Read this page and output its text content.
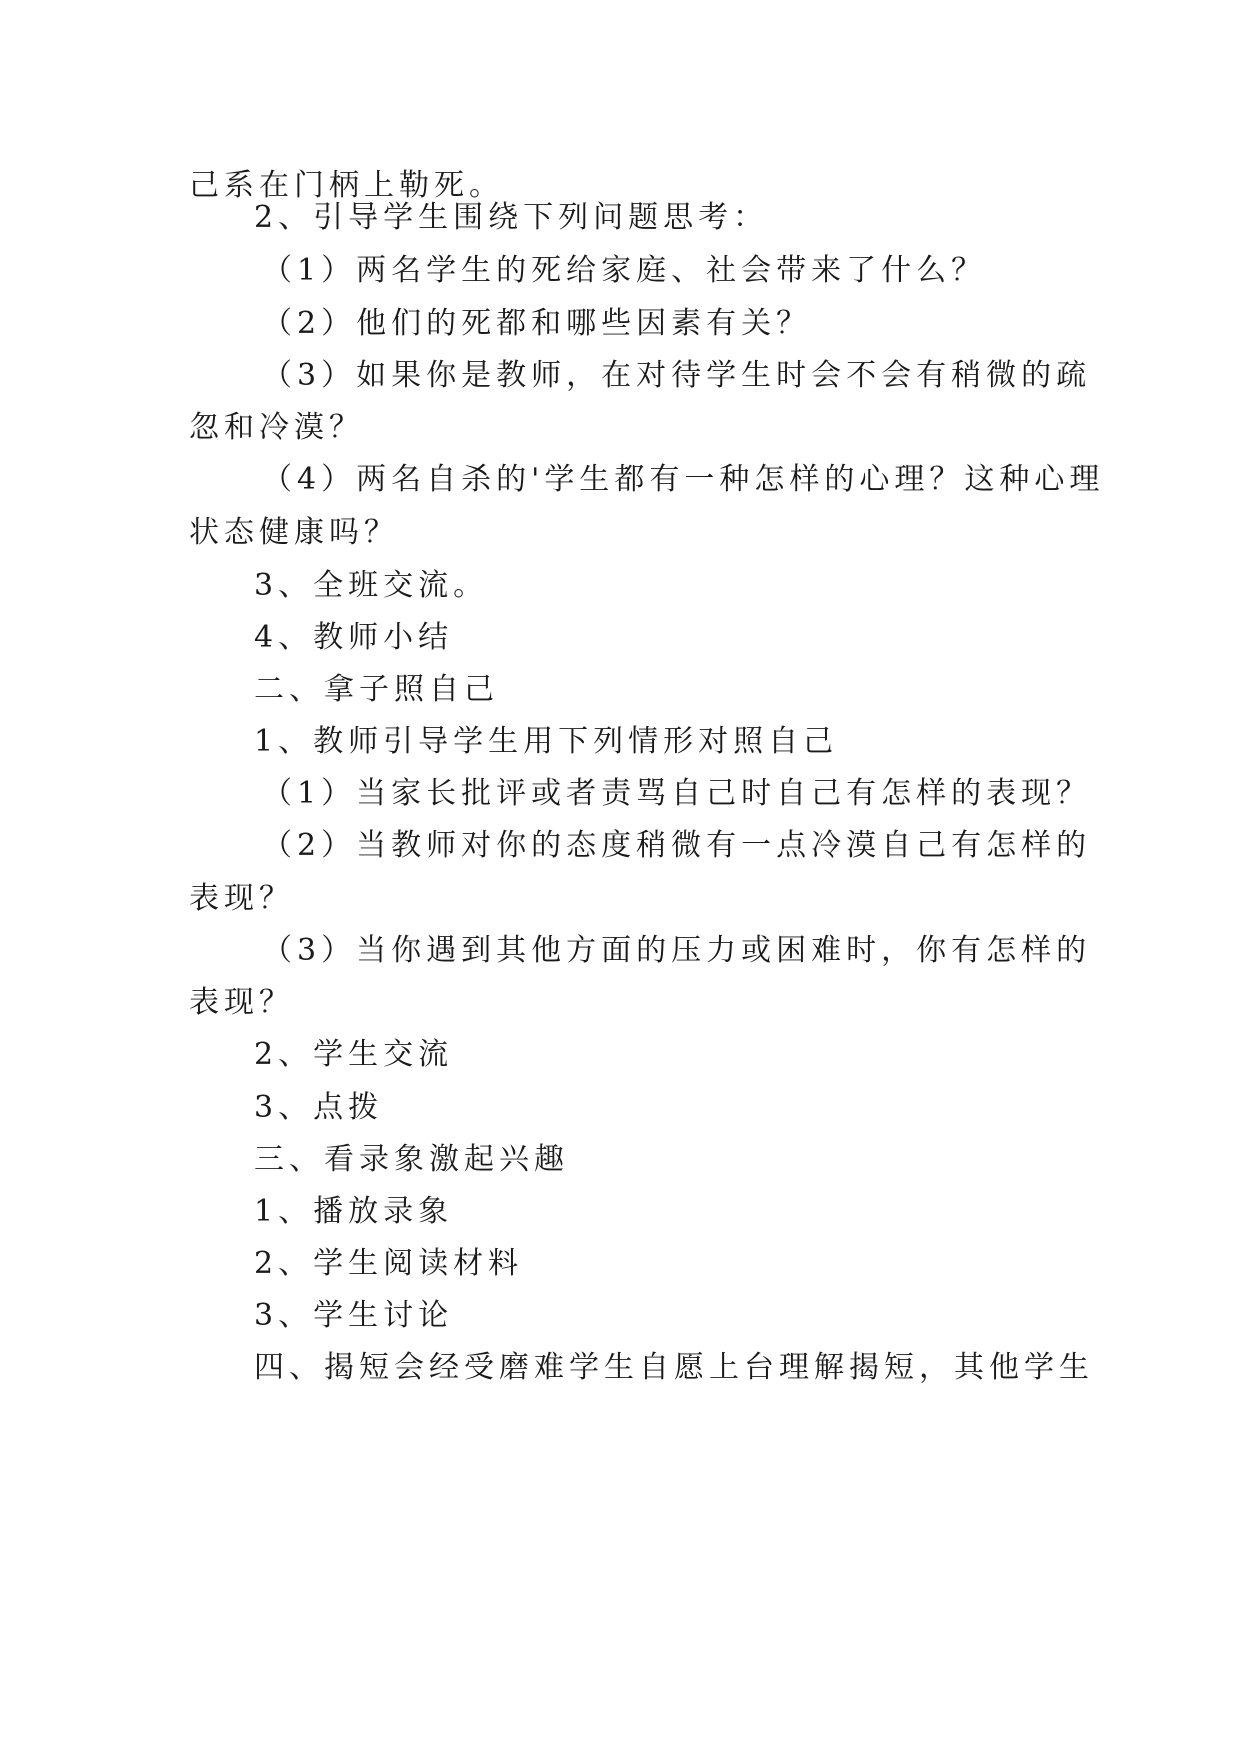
己系在门柄上勒死。
2、引导学生围绕下列问题思考：
（1）两名学生的死给家庭、社会带来了什么？
（2）他们的死都和哪些因素有关？
（3）如果你是教师，在对待学生时会不会有稍微的疏
忽和冷漠？
（4）两名自杀的'学生都有一种怎样的心理？这种心理
状态健康吗？
3、全班交流。
4、教师小结
二、拿子照自己
1、教师引导学生用下列情形对照自己
（1）当家长批评或者责骂自己时自己有怎样的表现？
（2）当教师对你的态度稍微有一点冷漠自己有怎样的
表现？
（3）当你遇到其他方面的压力或困难时，你有怎样的
表现？
2、学生交流
3、点拨
三、看录象激起兴趣
1、播放录象
2、学生阅读材料
3、学生讨论
四、揭短会经受磨难学生自愿上台理解揭短，其他学生
